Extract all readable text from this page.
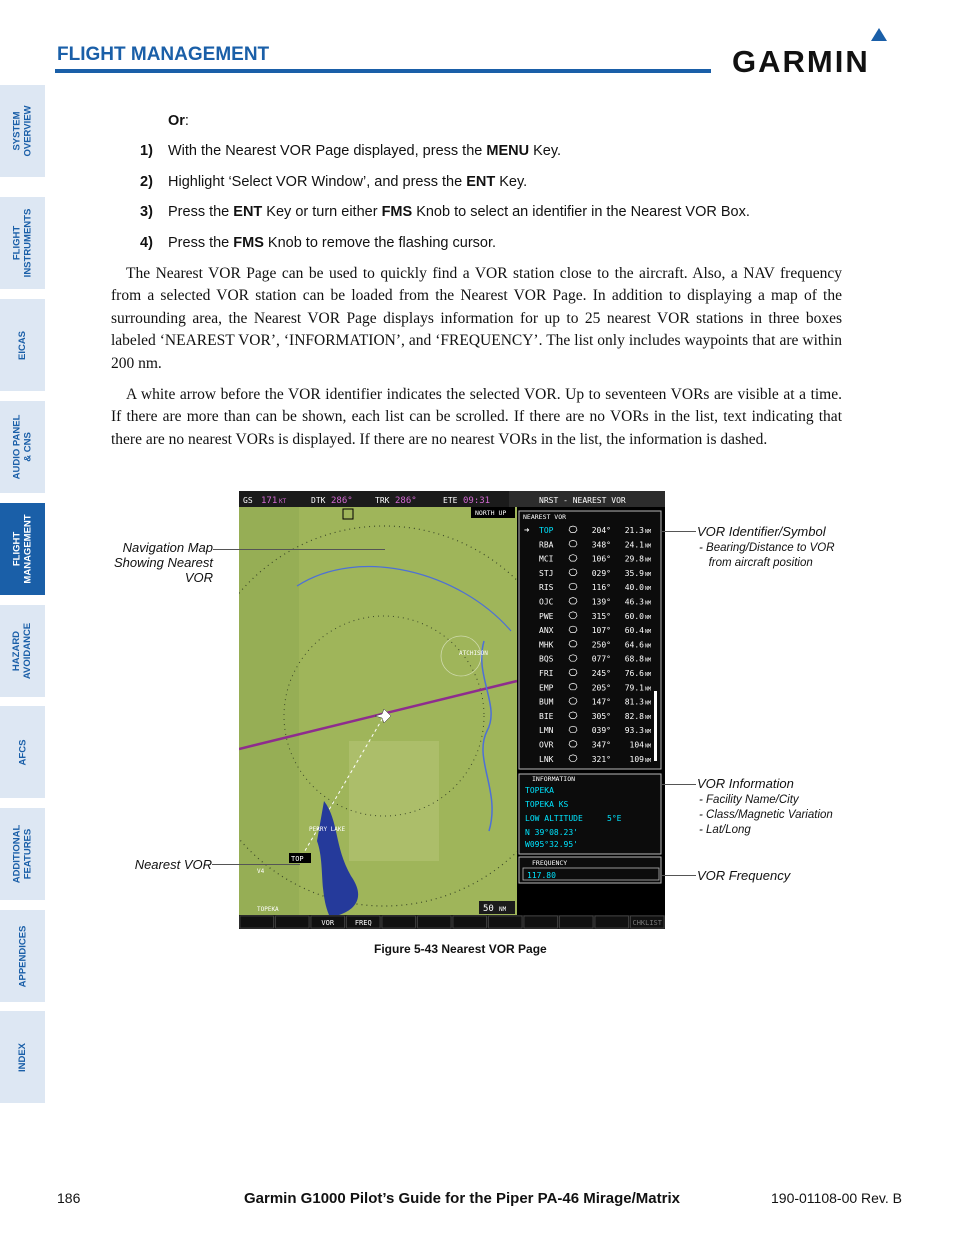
FLIGHT MANAGEMENT	GARMIN
SYSTEM
OVERVIEW
FLIGHT
INSTRUMENTS
EICAS
AUDIO PANEL
& CNS
FLIGHT
MANAGEMENT
HAZARD
AVOIDANCE
AFCS
ADDITIONAL
FEATURES
APPENDICES
INDEX
Or:
1) With the Nearest VOR Page displayed, press the MENU Key.
2) Highlight ‘Select VOR Window’, and press the ENT Key.
3) Press the ENT Key or turn either FMS Knob to select an identifier in the Nearest VOR Box.
4) Press the FMS Knob to remove the flashing cursor.

The Nearest VOR Page can be used to quickly find a VOR station close to the aircraft. Also, a NAV frequency from a selected VOR station can be loaded from the Nearest VOR Page. In addition to displaying a map of the surrounding area, the Nearest VOR Page displays information for up to 25 nearest VOR stations in three boxes labeled ‘NEAREST VOR’, ‘INFORMATION’, and ‘FREQUENCY’. The list only includes waypoints that are within 200 nm.

A white arrow before the VOR identifier indicates the selected VOR. Up to seventeen VORs are visible at a time. If there are more than can be shown, each list can be scrolled. If there are no VORs in the list, text indicating that there are no nearest VORs is displayed. If there are no nearest VORs in the list, the information is dashed.

GS 171 KT	DTK 286°	TRK 286°	ETE 09:31	NRST - NEAREST VOR
NORTH UP
ATCHISON
PERRY LAKE
TOP
V4
TOPEKA	50 NM
NEAREST VOR
➜ TOP	204° 21.3 NM
RBA	348° 24.1 NM
MCI	106° 29.8 NM
STJ	029° 35.9 NM
RIS	116° 40.0 NM
OJC	139° 46.3 NM
PWE	315° 60.0 NM
ANX	107° 60.4 NM
MHK	250° 64.6 NM
BQS	077° 68.8 NM
FRI	245° 76.6 NM
EMP	205° 79.1 NM
BUM	147° 81.3 NM
BIE	305° 82.8 NM
LMN	039° 93.3 NM
OVR	347° 104 NM
LNK	321° 109 NM
INFORMATION
TOPEKA
TOPEKA KS
LOW ALTITUDE	5°E
N 39°08.23'
W095°32.95'
FREQUENCY
117.80
VOR	FREQ	CHKLIST
Navigation Map
Showing Nearest
VOR
Nearest VOR
VOR Identifier/Symbol
- Bearing/Distance to VOR
from aircraft position
VOR Information
- Facility Name/City
- Class/Magnetic Variation
- Lat/Long
VOR Frequency
Figure 5-43 Nearest VOR Page
186	Garmin G1000 Pilot’s Guide for the Piper PA-46 Mirage/Matrix	190-01108-00 Rev. B
